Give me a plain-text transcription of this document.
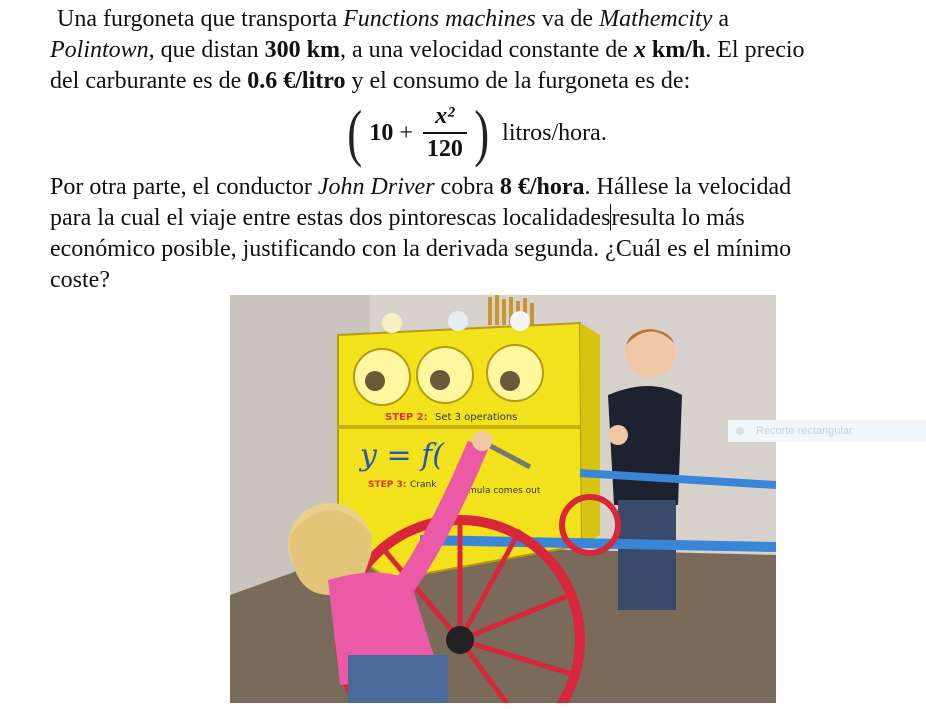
Una furgoneta que transporta Functions machines va de Mathemcity a
Polintown, que distan 300 km, a una velocidad constante de x km/h. El precio
del carburante es de 0.6 €/litro y el consumo de la furgoneta es de:
( $10 + \frac{\text{x²}}{120}$ ) litros/hora.
Por otra parte, el conductor John Driver cobra 8 €/hora. Hállese la velocidad
para la cual el viaje entre estas dos pintorescas localidadesresulta lo más
económico posible, justificando con la derivada segunda. ¿Cuál es el mínimo
coste?
STEP 2: Set 3 operations
y = f(
STEP 3: Crank
mula comes out
Recorte rectangular
